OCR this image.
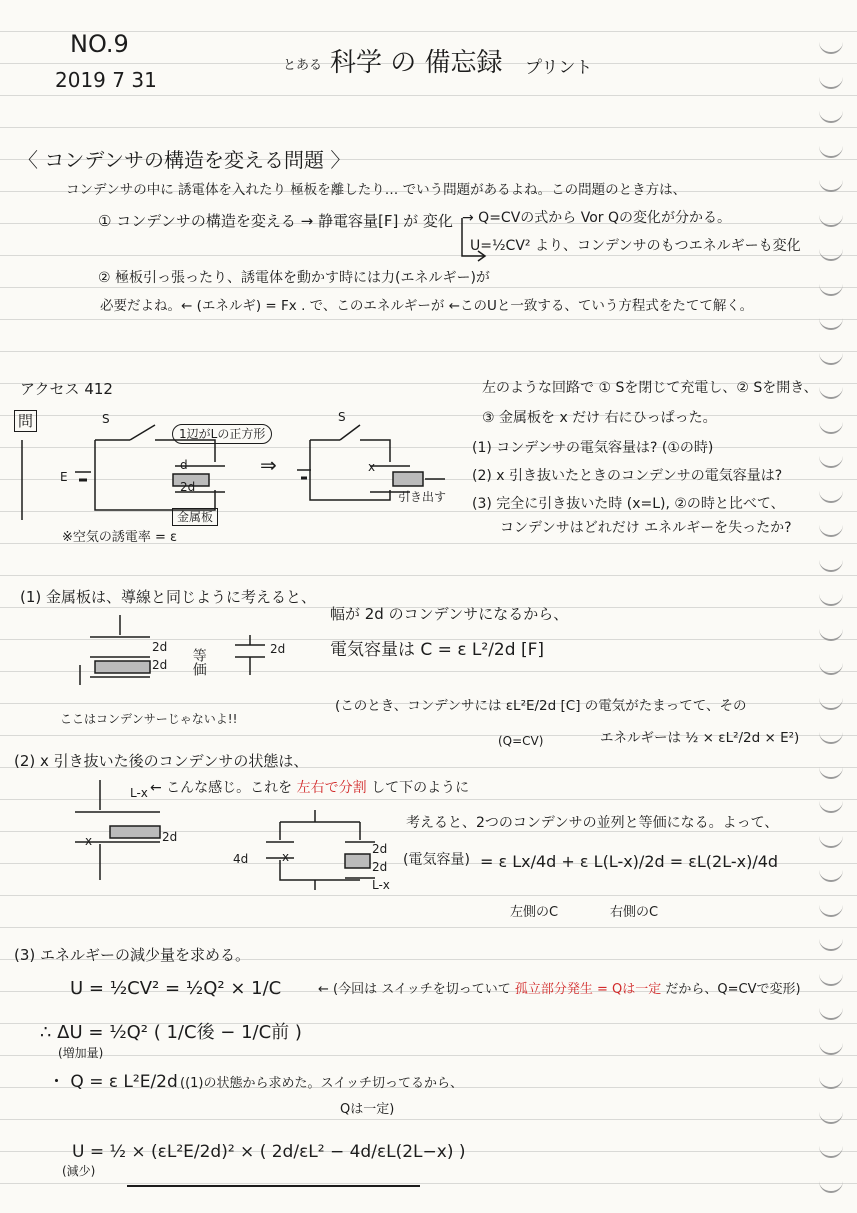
NO.9
2019 7 31
とある 科学 の 備忘録 プリント
〈 コンデンサの構造を変える問題 〉
コンデンサの中に 誘電体を入れたり 極板を離したり… でいう問題があるよね。この問題のとき方は、
① コンデンサの構造を変える → 静電容量[F] が 変化 → Q=CVの式から Vor Qの変化が分かる。
U=½CV² より、コンデンサのもつエネルギーも変化
② 極板引っ張ったり、誘電体を動かす時には力(エネルギー)が
必要だよね。← (エネルギ) = Fx . で、このエネルギーが ←このUと一致する、ていう方程式をたてて解く。
アクセス 412
問
⇒
S
E
1辺がLの正方形
d
2d
金属板
S
x
引き出す
※空気の誘電率 = ε
左のような回路で ① Sを閉じて充電し、② Sを開き、
③ 金属板を x だけ 右にひっぱった。
(1) コンデンサの電気容量は? (①の時)
(2) x 引き抜いたときのコンデンサの電気容量は?
(3) 完全に引き抜いた時 (x=L), ②の時と比べて、
コンデンサはどれだけ エネルギーを失ったか?
(1) 金属板は、導線と同じように考えると、
2d
2d
2d
等価
ここはコンデンサーじゃないよ!!
幅が 2d のコンデンサになるから、
電気容量は C = ε L²/2d [F]
(このとき、コンデンサには εL²E/2d [C] の電気がたまってて、その
(Q=CV)	エネルギーは ½ × εL²/2d × E²)
(2) x 引き抜いた後のコンデンサの状態は、
← こんな感じ。これを 左右で分割 して下のように
考えると、2つのコンデンサの並列と等価になる。よって、
L-x
x	2d
4d	x
2d
2d
L-x
(電気容量) = ε Lx/4d + ε L(L-x)/2d = εL(2L-x)/4d
左側のC	右側のC
(3) エネルギーの減少量を求める。
U = ½CV² = ½Q² × 1/C	← (今回は スイッチを切っていて 孤立部分発生 = Qは一定 だから、Q=CVで変形)
∴ ΔU = ½Q² ( 1/C後 − 1/C前 )
(増加量)
・ Q = ε L²E/2d ((1)の状態から求めた。スイッチ切ってるから、
Qは一定)
U = ½ × (εL²E/2d)² × ( 2d/εL² − 4d/εL(2L−x) )
(減少)
